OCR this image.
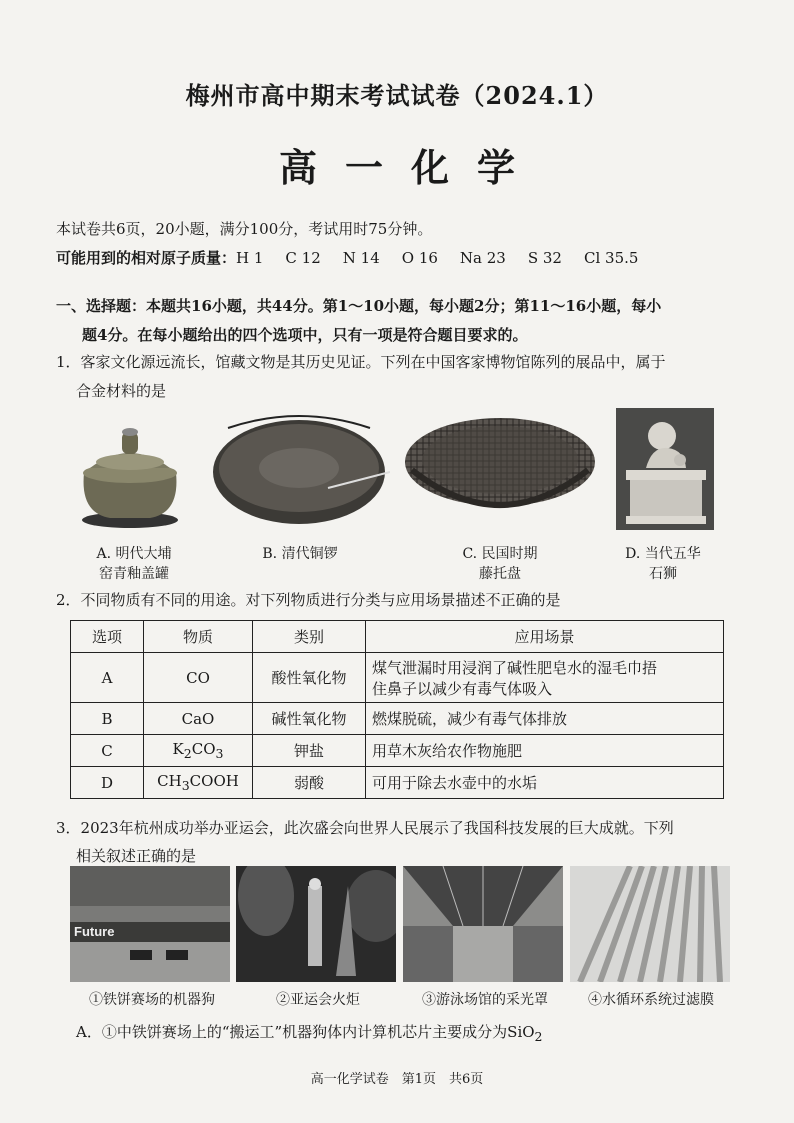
梅州市高中期末考试试卷（2024.1）
高一化学
本试卷共6页，20小题，满分100分，考试用时75分钟。
可能用到的相对原子质量：H 1 C 12 N 14 O 16 Na 23 S 32 Cl 35.5
一、选择题：本题共16小题，共44分。第1～10小题，每小题2分；第11～16小题，每小
题4分。在每小题给出的四个选项中，只有一项是符合题目要求的。
1．客家文化源远流长，馆藏文物是其历史见证。下列在中国客家博物馆陈列的展品中，属于
合金材料的是
A. 明代大埔
窑青釉盖罐
B. 清代铜锣	C. 民国时期
藤托盘
D. 当代五华
石狮
2．不同物质有不同的用途。对下列物质进行分类与应用场景描述不正确的是
选项	物质	类别	应用场景
A	CO	酸性氧化物	煤气泄漏时用浸润了碱性肥皂水的湿毛巾捂
住鼻子以减少有毒气体吸入

B	CaO	碱性氧化物	燃煤脱硫，减少有毒气体排放
C	$K_2CO_3$	钾盐	用草木灰给农作物施肥
D	$CH_3COOH$	弱酸	可用于除去水壶中的水垢
3．2023年杭州成功举办亚运会，此次盛会向世界人民展示了我国科技发展的巨大成就。下列
相关叙述正确的是
Future
①铁饼赛场的机器狗	②亚运会火炬	③游泳场馆的采光罩	④水循环系统过滤膜
A．①中铁饼赛场上的“搬运工”机器狗体内计算机芯片主要成分为SiO$_2$
高一化学试卷　第1页　共6页
